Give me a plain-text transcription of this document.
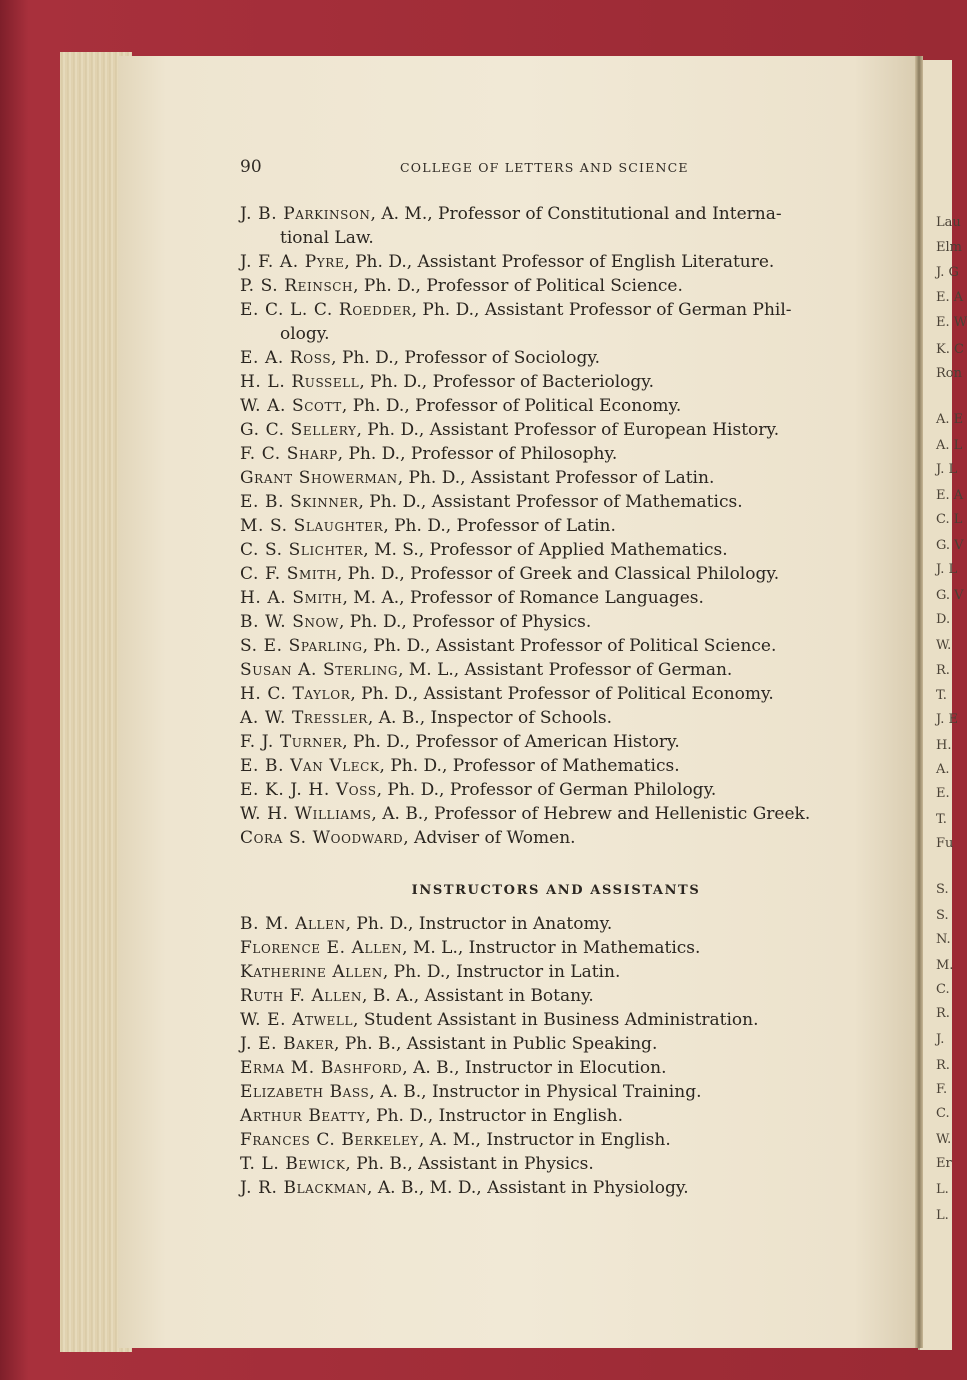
Lau
Elm
J. G
E. A
E. W
K. C
Ron
A. E
A. L
J. L
E. A
C. L
G. V
J. L
G. V
D.
W.
R.
T.
J. E
H.
A.
E.
T.
Fu
S.
S.
N.
M.
C.
R.
J.
R.
F.
C.
W.
Er
L.
L.
90	COLLEGE OF LETTERS AND SCIENCE
J. B. Parkinson, A. M., Professor of Constitutional and Interna-
tional Law.
J. F. A. Pyre, Ph. D., Assistant Professor of English Literature.
P. S. Reinsch, Ph. D., Professor of Political Science.
E. C. L. C. Roedder, Ph. D., Assistant Professor of German Phil-
ology.
E. A. Ross, Ph. D., Professor of Sociology.
H. L. Russell, Ph. D., Professor of Bacteriology.
W. A. Scott, Ph. D., Professor of Political Economy.
G. C. Sellery, Ph. D., Assistant Professor of European History.
F. C. Sharp, Ph. D., Professor of Philosophy.
Grant Showerman, Ph. D., Assistant Professor of Latin.
E. B. Skinner, Ph. D., Assistant Professor of Mathematics.
M. S. Slaughter, Ph. D., Professor of Latin.
C. S. Slichter, M. S., Professor of Applied Mathematics.
C. F. Smith, Ph. D., Professor of Greek and Classical Philology.
H. A. Smith, M. A., Professor of Romance Languages.
B. W. Snow, Ph. D., Professor of Physics.
S. E. Sparling, Ph. D., Assistant Professor of Political Science.
Susan A. Sterling, M. L., Assistant Professor of German.
H. C. Taylor, Ph. D., Assistant Professor of Political Economy.
A. W. Tressler, A. B., Inspector of Schools.
F. J. Turner, Ph. D., Professor of American History.
E. B. Van Vleck, Ph. D., Professor of Mathematics.
E. K. J. H. Voss, Ph. D., Professor of German Philology.
W. H. Williams, A. B., Professor of Hebrew and Hellenistic Greek.
Cora S. Woodward, Adviser of Women.
INSTRUCTORS AND ASSISTANTS
B. M. Allen, Ph. D., Instructor in Anatomy.
Florence E. Allen, M. L., Instructor in Mathematics.
Katherine Allen, Ph. D., Instructor in Latin.
Ruth F. Allen, B. A., Assistant in Botany.
W. E. Atwell, Student Assistant in Business Administration.
J. E. Baker, Ph. B., Assistant in Public Speaking.
Erma M. Bashford, A. B., Instructor in Elocution.
Elizabeth Bass, A. B., Instructor in Physical Training.
Arthur Beatty, Ph. D., Instructor in English.
Frances C. Berkeley, A. M., Instructor in English.
T. L. Bewick, Ph. B., Assistant in Physics.
J. R. Blackman, A. B., M. D., Assistant in Physiology.
